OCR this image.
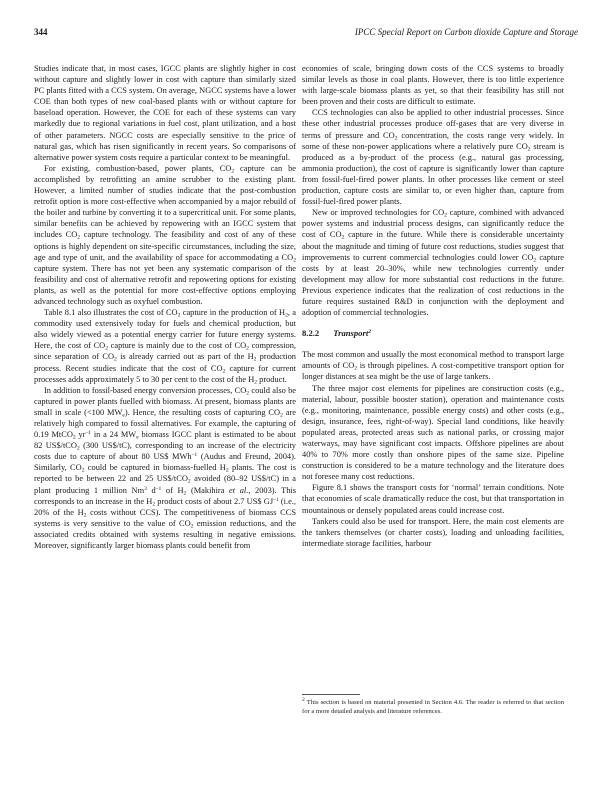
344	IPCC Special Report on Carbon dioxide Capture and Storage

Studies indicate that, in most cases, IGCC plants are slightly higher in cost without capture and slightly lower in cost with capture than similarly sized PC plants fitted with a CCS system. On average, NGCC systems have a lower COE than both types of new coal-based plants with or without capture for baseload operation. However, the COE for each of these systems can vary markedly due to regional variations in fuel cost, plant utilization, and a host of other parameters. NGCC costs are especially sensitive to the price of natural gas, which has risen significantly in recent years. So comparisons of alternative power system costs require a particular context to be meaningful.

For existing, combustion-based, power plants, $CO_2$ capture can be accomplished by retrofitting an amine scrubber to the existing plant. However, a limited number of studies indicate that the post-combustion retrofit option is more cost-effective when accompanied by a major rebuild of the boiler and turbine by converting it to a supercritical unit. For some plants, similar benefits can be achieved by repowering with an IGCC system that includes $CO_2$ capture technology. The feasibility and cost of any of these options is highly dependent on site-specific circumstances, including the size, age and type of unit, and the availability of space for accommodating a $CO_2$ capture system. There has not yet been any systematic comparison of the feasibility and cost of alternative retrofit and repowering options for existing plants, as well as the potential for more cost-effective options employing advanced technology such as oxyfuel combustion.

Table 8.1 also illustrates the cost of $CO_2$ capture in the production of $H_2$, a commodity used extensively today for fuels and chemical production, but also widely viewed as a potential energy carrier for future energy systems. Here, the cost of $CO_2$ capture is mainly due to the cost of $CO_2$ compression, since separation of $CO_2$ is already carried out as part of the $H_2$ production process. Recent studies indicate that the cost of $CO_2$ capture for current processes adds approximately 5 to 30 per cent to the cost of the $H_2$ product.

In addition to fossil-based energy conversion processes, $CO_2$ could also be captured in power plants fuelled with biomass. At present, biomass plants are small in scale (<100 $MW_e$). Hence, the resulting costs of capturing $CO_2$ are relatively high compared to fossil alternatives. For example, the capturing of 0.19 MtCO$_2$ $yr^{-1}$ in a 24 $MW_e$ biomass IGCC plant is estimated to be about 82 US$/tCO$_2$ (300 US$/tC), corresponding to an increase of the electricity costs due to capture of about 80 US$ MWh$^{-1}$ (Audus and Freund, 2004). Similarly, $CO_2$ could be captured in biomass-fuelled $H_2$ plants. The cost is reported to be between 22 and 25 US$/tCO$_2$ avoided (80–92 US$/tC) in a plant producing 1 million Nm$^3$ $d^{-1}$ of $H_2$ (Makihira et al., 2003). This corresponds to an increase in the $H_2$ product costs of about 2.7 US$ $GJ^{-1}$ (i.e., 20% of the $H_2$ costs without CCS). The competitiveness of biomass CCS systems is very sensitive to the value of $CO_2$ emission reductions, and the associated credits obtained with systems resulting in negative emissions. Moreover, significantly larger biomass plants could benefit from

economies of scale, bringing down costs of the CCS systems to broadly similar levels as those in coal plants. However, there is too little experience with large-scale biomass plants as yet, so that their feasibility has still not been proven and their costs are difficult to estimate.

CCS technologies can also be applied to other industrial processes. Since these other industrial processes produce off-gases that are very diverse in terms of pressure and $CO_2$ concentration, the costs range very widely. In some of these non-power applications where a relatively pure $CO_2$ stream is produced as a by-product of the process (e.g., natural gas processing, ammonia production), the cost of capture is significantly lower than capture from fossil-fuel-fired power plants. In other processes like cement or steel production, capture costs are similar to, or even higher than, capture from fossil-fuel-fired power plants.

New or improved technologies for $CO_2$ capture, combined with advanced power systems and industrial process designs, can significantly reduce the cost of $CO_2$ capture in the future. While there is considerable uncertainty about the magnitude and timing of future cost reductions, studies suggest that improvements to current commercial technologies could lower $CO_2$ capture costs by at least 20–30%, while new technologies currently under development may allow for more substantial cost reductions in the future. Previous experience indicates that the realization of cost reductions in the future requires sustained R&D in conjunction with the deployment and adoption of commercial technologies.

8.2.2 Transport$^2$

The most common and usually the most economical method to transport large amounts of $CO_2$ is through pipelines. A cost-competitive transport option for longer distances at sea might be the use of large tankers.

The three major cost elements for pipelines are construction costs (e.g., material, labour, possible booster station), operation and maintenance costs (e.g., monitoring, maintenance, possible energy costs) and other costs (e.g., design, insurance, fees, right-of-way). Special land conditions, like heavily populated areas, protected areas such as national parks, or crossing major waterways, may have significant cost impacts. Offshore pipelines are about 40% to 70% more costly than onshore pipes of the same size. Pipeline construction is considered to be a mature technology and the literature does not foresee many cost reductions.

Figure 8.1 shows the transport costs for ‘normal’ terrain conditions. Note that economies of scale dramatically reduce the cost, but that transportation in mountainous or densely populated areas could increase cost.

Tankers could also be used for transport. Here, the main cost elements are the tankers themselves (or charter costs), loading and unloading facilities, intermediate storage facilities, harbour

$^2$ This section is based on material presented in Section 4.6. The reader is referred to that section for a more detailed analysis and literature references.
